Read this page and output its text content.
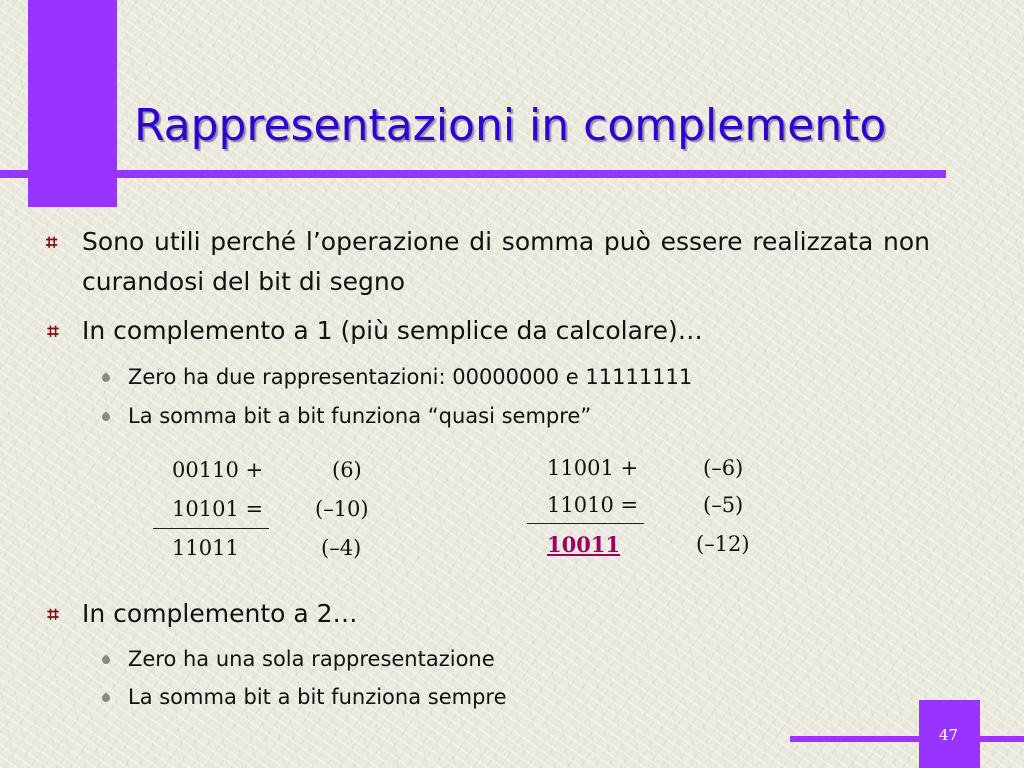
Rappresentazioni in complemento
⌗ Sono utili perché l’operazione di somma può essere realizzata non curandosi del bit di segno
⌗ In complemento a 1 (più semplice da calcolare)…
Zero ha due rappresentazioni: 00000000 e 11111111
La somma bit a bit funziona “quasi sempre”
00110 +	(6)
10101 = (–10)
11011	(–4)
11001 +	(–6)
11010 =	(–5)
10011	(–12)
⌗ In complemento a 2…
Zero ha una sola rappresentazione
La somma bit a bit funziona sempre
47
